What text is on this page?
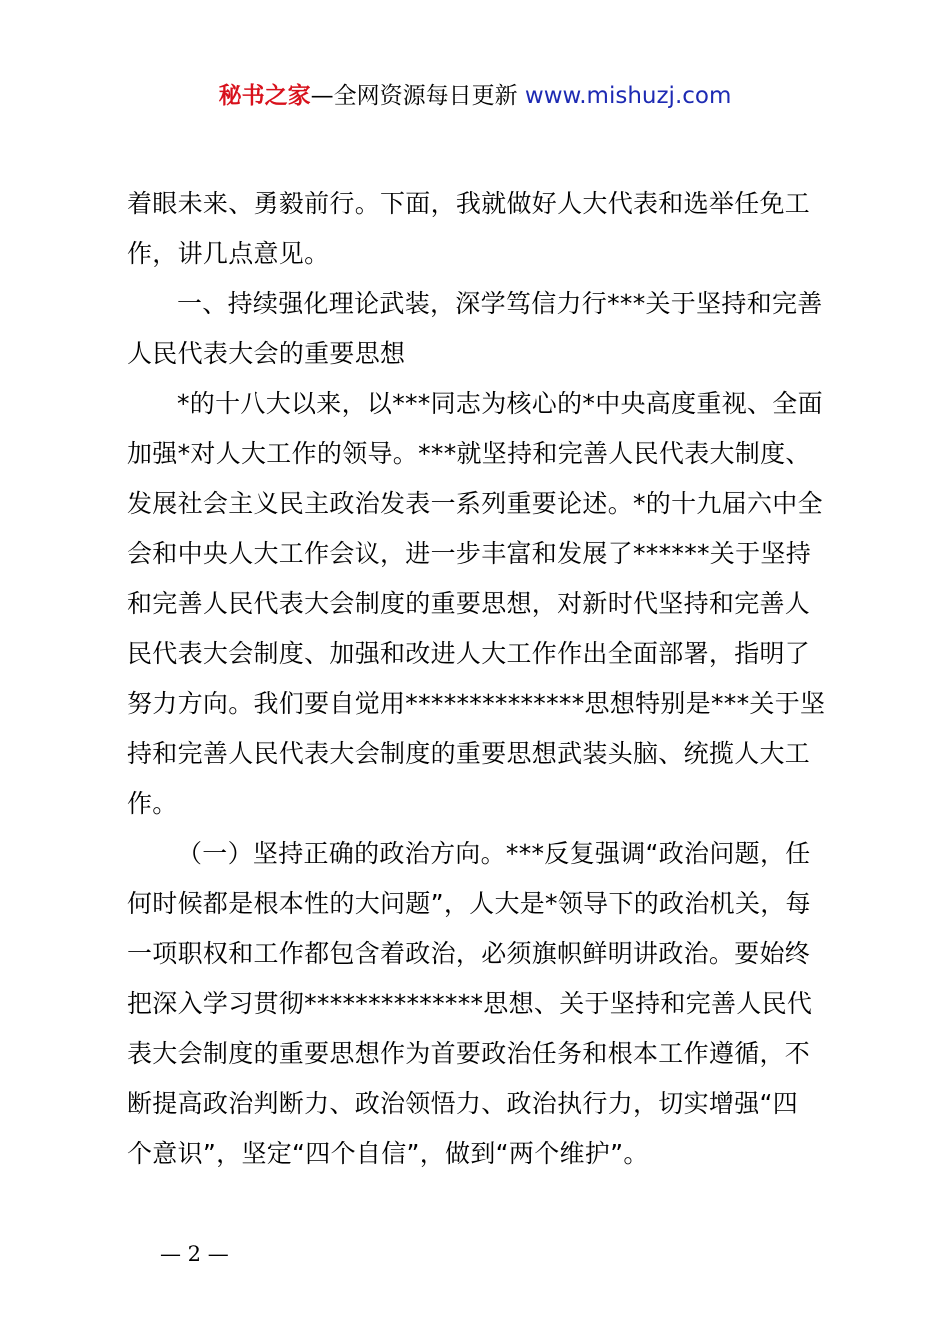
秘书之家—全网资源每日更新 www.mishuzj.com

着眼未来、勇毅前行。下面，我就做好人大代表和选举任免工

作，讲几点意见。

一、持续强化理论武装，深学笃信力行***关于坚持和完善

人民代表大会的重要思想

*的十八大以来，以***同志为核心的*中央高度重视、全面

加强*对人大工作的领导。***就坚持和完善人民代表大制度、

发展社会主义民主政治发表一系列重要论述。*的十九届六中全

会和中央人大工作会议，进一步丰富和发展了******关于坚持

和完善人民代表大会制度的重要思想，对新时代坚持和完善人

民代表大会制度、加强和改进人大工作作出全面部署，指明了

努力方向。我们要自觉用**************思想特别是***关于坚

持和完善人民代表大会制度的重要思想武装头脑、统揽人大工

作。

（一）坚持正确的政治方向。***反复强调“政治问题，任

何时候都是根本性的大问题”，人大是*领导下的政治机关，每

一项职权和工作都包含着政治，必须旗帜鲜明讲政治。要始终

把深入学习贯彻**************思想、关于坚持和完善人民代

表大会制度的重要思想作为首要政治任务和根本工作遵循，不

断提高政治判断力、政治领悟力、政治执行力，切实增强“四

个意识”，坚定“四个自信”，做到“两个维护”。

— 2 —
